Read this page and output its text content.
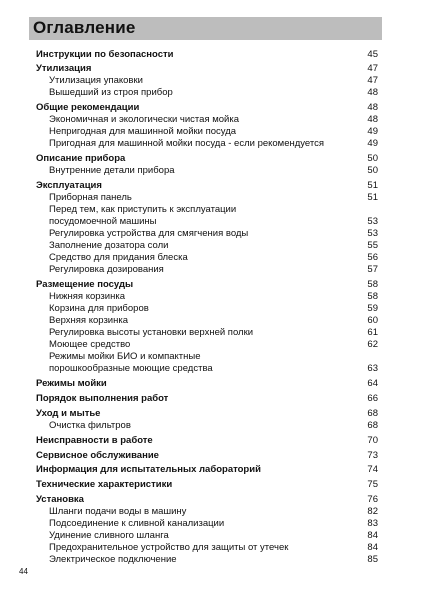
Оглавление
Инструкции по безопасности	45
Утилизация	47
Утилизация упаковки	47
Вышедший из строя прибор	48
Общие рекомендации	48
Экономичная и экологически чистая мойка	48
Непригодная для машинной мойки посуда	49
Пригодная для машинной мойки посуда - если рекомендуется	49
Описание прибора	50
Внутренние детали прибора	50
Эксплуатация	51
Приборная панель	51
Перед тем, как приступить к эксплуатации
посудомоечной машины	53
Регулировка устройства для смягчения воды	53
Заполнение дозатора соли	55
Средство для придания блеска	56
Регулировка дозирования	57
Размещение посуды	58
Нижняя корзинка	58
Корзина для приборов	59
Верхняя корзинка	60
Регулировка высоты установки верхней полки	61
Моющее средство	62
Режимы мойки БИО и компактные
порошкообразные моющие средства	63
Режимы мойки	64
Порядок выполнения работ	66
Уход и мытье	68
Очистка фильтров	68
Неисправности в работе	70
Сервисное обслуживание	73
Информация для испытательных лабораторий	74
Технические характеристики	75
Установка	76
Шланги подачи воды в машину	82
Подсоединение к сливной канализации	83
Удинение сливного шланга	84
Предохранительное устройство для защиты от утечек	84
Электрическое подключение	85
44
